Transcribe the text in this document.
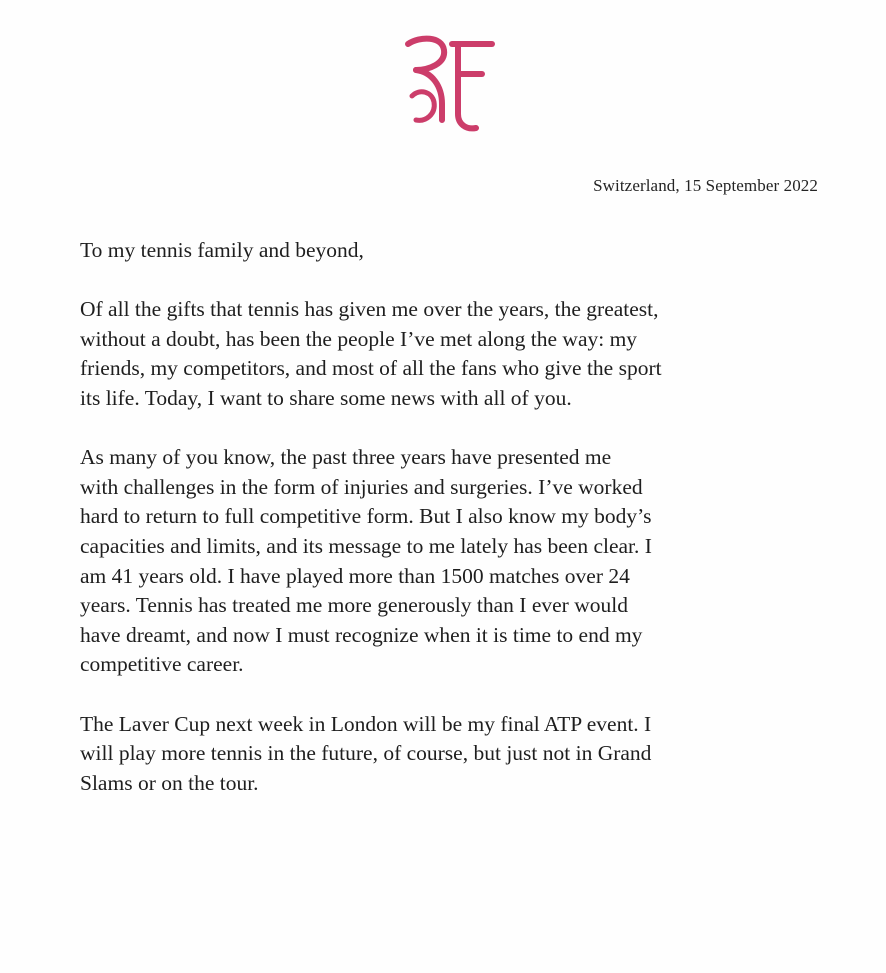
Switzerland, 15 September 2022
To my tennis family and beyond,
Of all the gifts that tennis has given me over the years, the greatest,
without a doubt, has been the people I’ve met along the way: my
friends, my competitors, and most of all the fans who give the sport
its life. Today, I want to share some news with all of you.
As many of you know, the past three years have presented me
with challenges in the form of injuries and surgeries. I’ve worked
hard to return to full competitive form. But I also know my body’s
capacities and limits, and its message to me lately has been clear. I
am 41 years old. I have played more than 1500 matches over 24
years. Tennis has treated me more generously than I ever would
have dreamt, and now I must recognize when it is time to end my
competitive career.
The Laver Cup next week in London will be my final ATP event. I
will play more tennis in the future, of course, but just not in Grand
Slams or on the tour.
